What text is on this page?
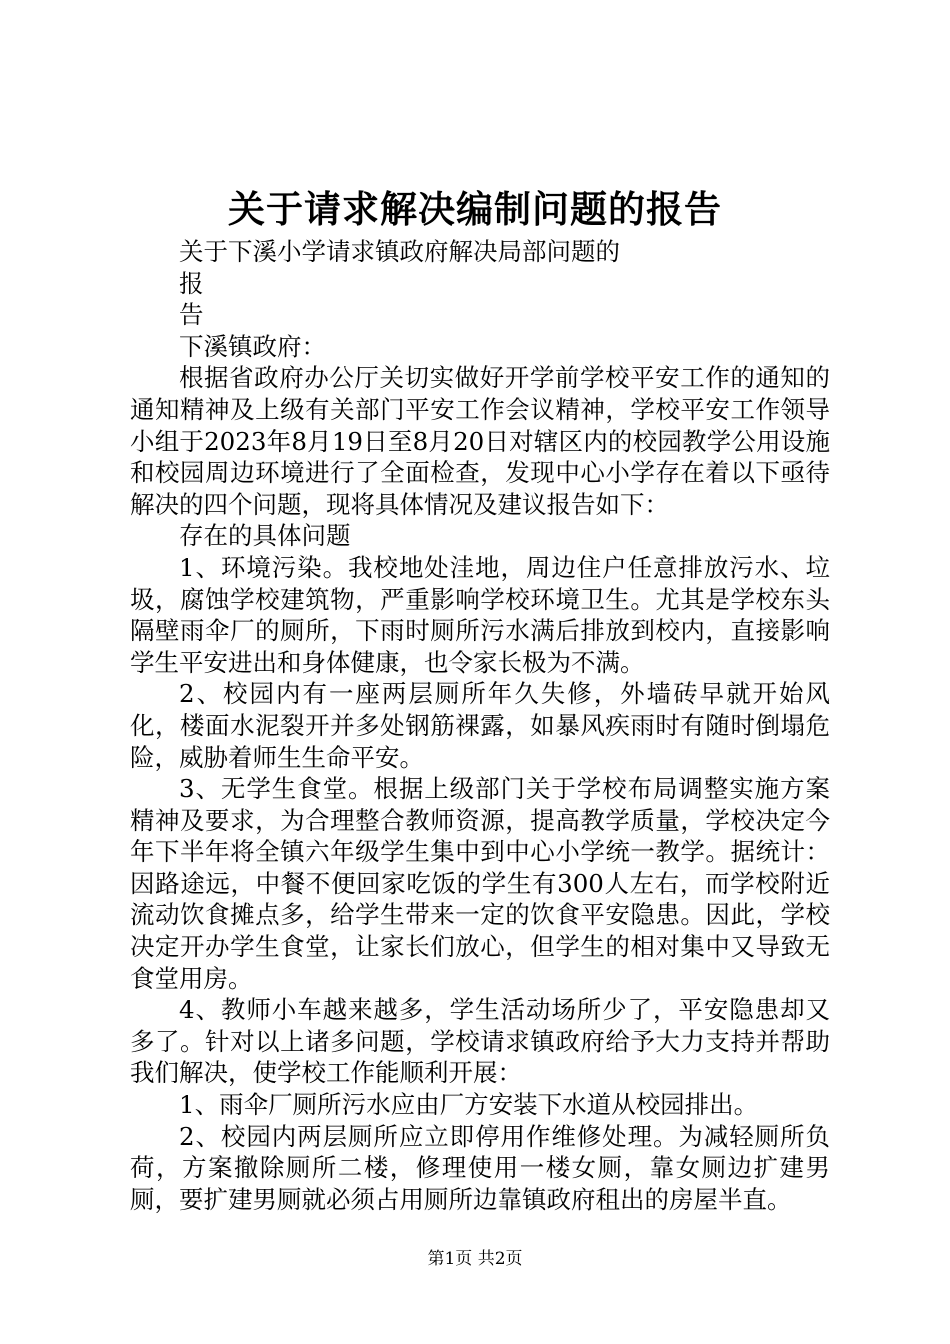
关于请求解决编制问题的报告

关于下溪小学请求镇政府解决局部问题的

报

告

下溪镇政府：

根据省政府办公厅关切实做好开学前学校平安工作的通知的通知精神及上级有关部门平安工作会议精神，学校平安工作领导小组于2023年8月19日至8月20日对辖区内的校园教学公用设施和校园周边环境进行了全面检查，发现中心小学存在着以下亟待解决的四个问题，现将具体情况及建议报告如下：

存在的具体问题

1、环境污染。我校地处洼地，周边住户任意排放污水、垃圾，腐蚀学校建筑物，严重影响学校环境卫生。尤其是学校东头隔壁雨伞厂的厕所，下雨时厕所污水满后排放到校内，直接影响学生平安进出和身体健康，也令家长极为不满。

2、校园内有一座两层厕所年久失修，外墙砖早就开始风化，楼面水泥裂开并多处钢筋裸露，如暴风疾雨时有随时倒塌危险，威胁着师生生命平安。

3、无学生食堂。根据上级部门关于学校布局调整实施方案精神及要求，为合理整合教师资源，提高教学质量，学校决定今年下半年将全镇六年级学生集中到中心小学统一教学。据统计：因路途远，中餐不便回家吃饭的学生有300人左右，而学校附近流动饮食摊点多，给学生带来一定的饮食平安隐患。因此，学校决定开办学生食堂，让家长们放心，但学生的相对集中又导致无食堂用房。

4、教师小车越来越多，学生活动场所少了，平安隐患却又多了。针对以上诸多问题，学校请求镇政府给予大力支持并帮助我们解决，使学校工作能顺利开展：

1、雨伞厂厕所污水应由厂方安装下水道从校园排出。

2、校园内两层厕所应立即停用作维修处理。为减轻厕所负荷，方案撤除厕所二楼，修理使用一楼女厕，靠女厕边扩建男厕，要扩建男厕就必须占用厕所边靠镇政府租出的房屋半直。

第1页 共2页
